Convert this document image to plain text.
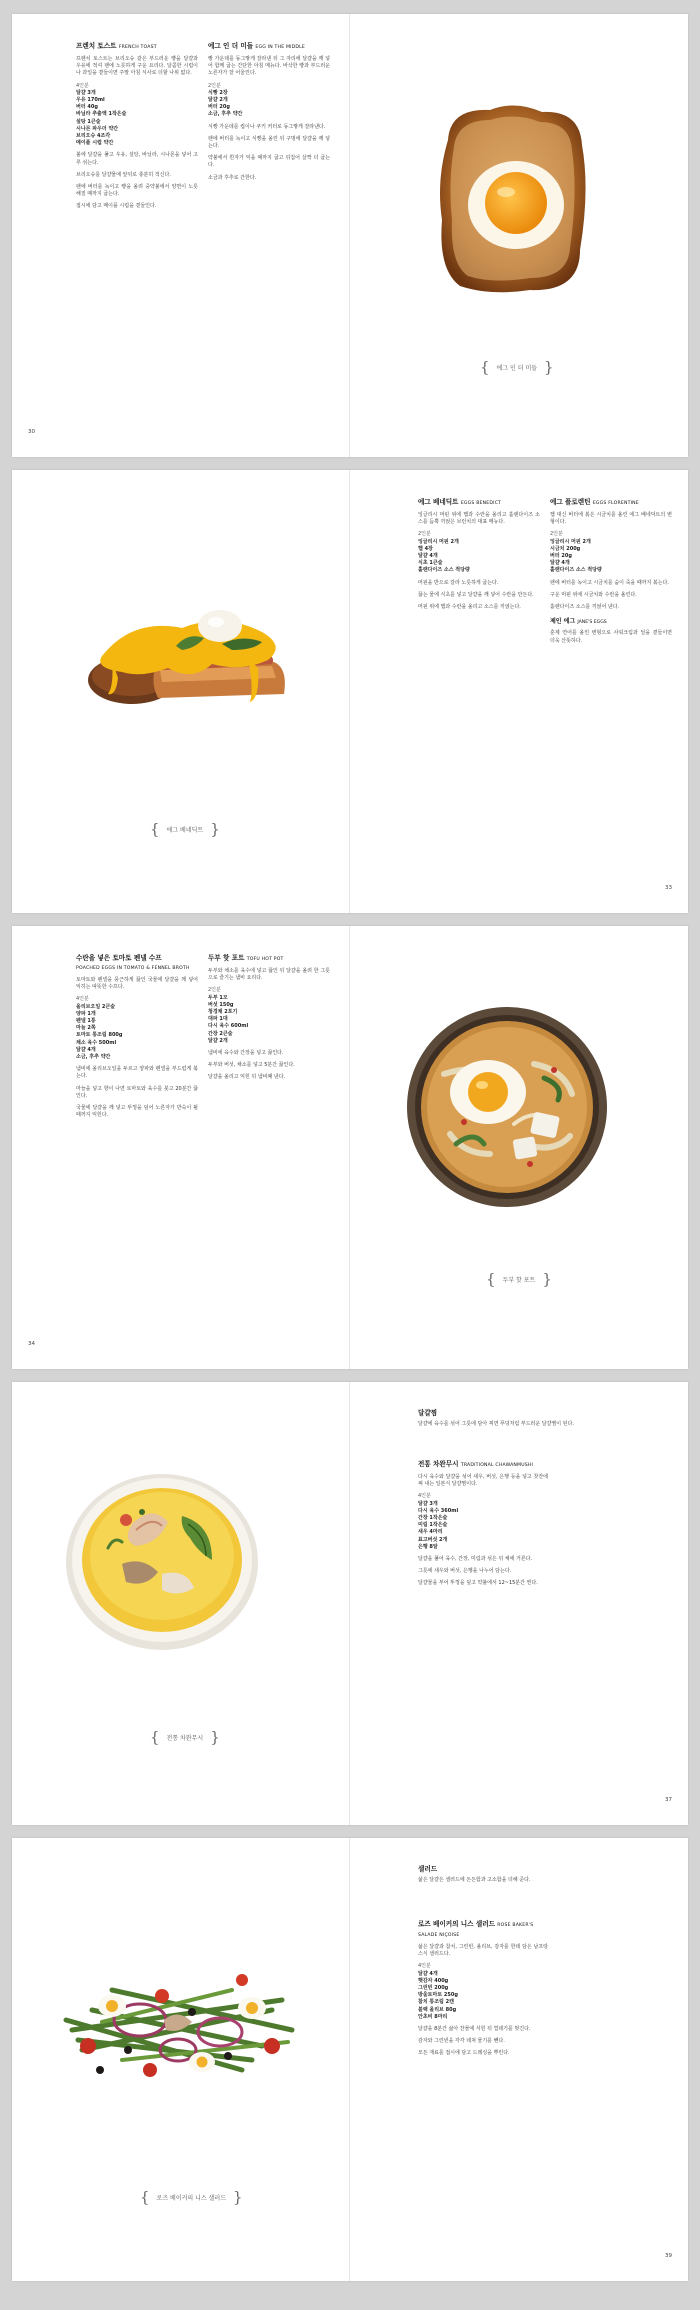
프렌치 토스트 FRENCH TOAST

프렌치 토스트는 브리오슈 같은 부드러운 빵을 달걀과 우유에 적셔 팬에 노릇하게 구운 요리다. 달콤한 시럽이나 과일을 곁들이면 주말 아침 식사로 더할 나위 없다.

4인분
달걀 3개
우유 170ml
버터 40g
바닐라 추출액 1작은술
설탕 1큰술
시나몬 파우더 약간
브리오슈 4조각
메이플 시럽 약간

볼에 달걀을 풀고 우유, 설탕, 바닐라, 시나몬을 넣어 고루 섞는다.

브리오슈를 달걀물에 앞뒤로 충분히 적신다.

팬에 버터를 녹이고 빵을 올려 중약불에서 양면이 노릇해질 때까지 굽는다.

접시에 담고 메이플 시럽을 곁들인다.

에그 인 더 미들 EGG IN THE MIDDLE

빵 가운데를 동그랗게 잘라낸 뒤 그 자리에 달걀을 깨 넣어 함께 굽는 간단한 아침 메뉴다. 바삭한 빵과 부드러운 노른자가 잘 어울린다.

2인분
식빵 2장
달걀 2개
버터 20g
소금, 후추 약간

식빵 가운데를 컵이나 쿠키 커터로 동그랗게 잘라낸다.

팬에 버터를 녹이고 식빵을 올린 뒤 구멍에 달걀을 깨 넣는다.

약불에서 흰자가 익을 때까지 굽고 뒤집어 살짝 더 굽는다.

소금과 후추로 간한다.

30
{ 에그 인 더 미들 }
{ 에그 베네딕트 }
에그 베네딕트 EGGS BENEDICT

잉글리시 머핀 위에 햄과 수란을 올리고 홀랜다이즈 소스를 듬뿍 끼얹은 브런치의 대표 메뉴다.

2인분
잉글리시 머핀 2개
햄 4장
달걀 4개
식초 1큰술
홀랜다이즈 소스 적당량

머핀을 반으로 갈라 노릇하게 굽는다.

끓는 물에 식초를 넣고 달걀을 깨 넣어 수란을 만든다.

머핀 위에 햄과 수란을 올리고 소스를 끼얹는다.

에그 플로렌틴 EGGS FLORENTINE

햄 대신 버터에 볶은 시금치를 올린 에그 베네딕트의 변형이다.

2인분
잉글리시 머핀 2개
시금치 200g
버터 20g
달걀 4개
홀랜다이즈 소스 적당량

팬에 버터를 녹이고 시금치를 숨이 죽을 때까지 볶는다.

구운 머핀 위에 시금치와 수란을 올린다.

홀랜다이즈 소스를 끼얹어 낸다.

제인 에그 JANE'S EGGS

훈제 연어를 올린 변형으로 사워크림과 딜을 곁들이면 더욱 산뜻하다.

33
수란을 넣은 토마토 펜넬 수프
POACHED EGGS IN TOMATO & FENNEL BROTH

토마토와 펜넬을 뭉근하게 끓인 국물에 달걀을 깨 넣어 익히는 따뜻한 수프다.

4인분
올리브오일 2큰술
양파 1개
펜넬 1통
마늘 2쪽
토마토 통조림 800g
채소 육수 500ml
달걀 4개
소금, 후추 약간

냄비에 올리브오일을 두르고 양파와 펜넬을 부드럽게 볶는다.

마늘을 넣고 향이 나면 토마토와 육수를 붓고 20분간 끓인다.

국물에 달걀을 깨 넣고 뚜껑을 덮어 노른자가 반숙이 될 때까지 익힌다.

두부 핫 포트 TOFU HOT POT

두부와 채소를 육수에 넣고 끓인 뒤 달걀을 올려 한 그릇으로 즐기는 냄비 요리다.

2인분
두부 1모
버섯 150g
청경채 2포기
대파 1대
다시 육수 600ml
간장 2큰술
달걀 2개

냄비에 육수와 간장을 넣고 끓인다.

두부와 버섯, 채소를 넣고 5분간 끓인다.

달걀을 올리고 익힌 뒤 냄비째 낸다.

34
{ 두부 핫 포트 }
{ 전통 차완무시 }
달걀찜

달걀에 육수를 섞어 그릇에 담아 찌면 푸딩처럼 부드러운 달걀찜이 된다.

전통 차완무시 TRADITIONAL CHAWANMUSHI

다시 육수와 달걀을 섞어 새우, 버섯, 은행 등을 넣고 찻잔에 쪄 내는 일본식 달걀찜이다.

4인분
달걀 3개
다시 육수 360ml
간장 1작은술
미림 1작은술
새우 4마리
표고버섯 2개
은행 8알

달걀을 풀어 육수, 간장, 미림과 섞은 뒤 체에 거른다.

그릇에 새우와 버섯, 은행을 나누어 담는다.

달걀물을 부어 뚜껑을 덮고 약불에서 12~15분간 찐다.

37
{ 로즈 베이커의 니스 샐러드 }
샐러드

삶은 달걀은 샐러드에 든든함과 고소함을 더해 준다.

로즈 베이커의 니스 샐러드 ROSE BAKER'S SALADE NIÇOISE

삶은 달걀과 참치, 그린빈, 올리브, 감자를 한데 담은 남프랑스식 샐러드다.

4인분
달걀 4개
햇감자 400g
그린빈 200g
방울토마토 250g
참치 통조림 2캔
블랙 올리브 80g
안초비 8마리

달걀을 8분간 삶아 찬물에 식힌 뒤 껍데기를 벗긴다.

감자와 그린빈을 각각 데쳐 물기를 뺀다.

모든 재료를 접시에 담고 드레싱을 뿌린다.

39
